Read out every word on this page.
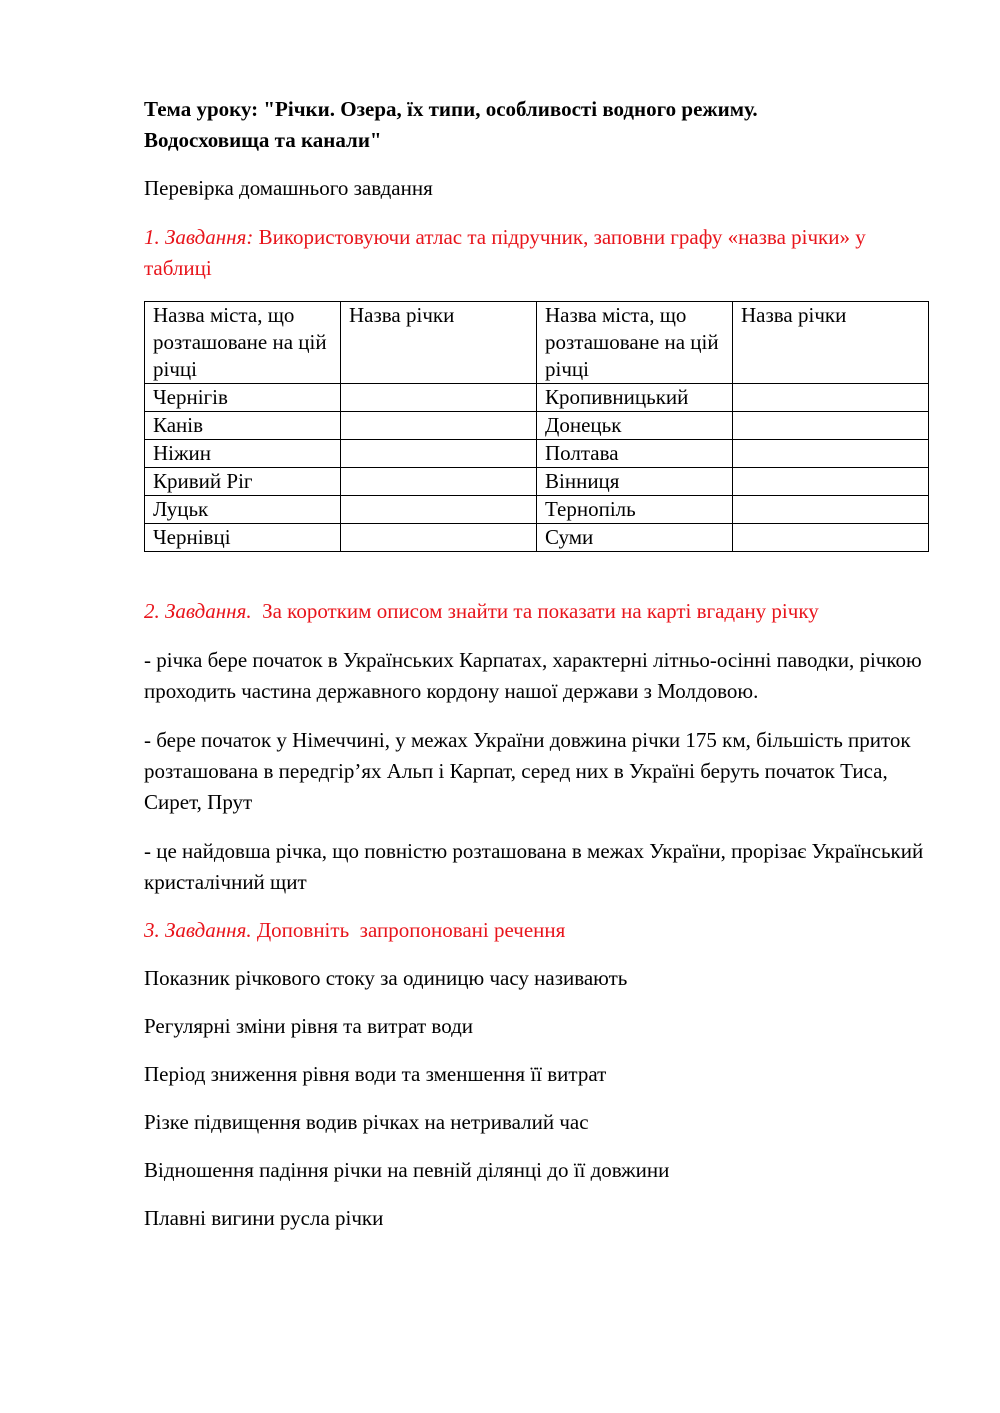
Тема уроку: "Річки. Озера, їх типи, особливості водного режиму.
Водосховища та канали"

Перевірка домашнього завдання

1. Завдання: Використовуючи атлас та підручник, заповни графу «назва річки» у таблиці

Назва міста, що розташоване на цій річці	Назва річки	Назва міста, що розташоване на цій річці	Назва річки
Чернігів		Кропивницький	
Канів		Донецьк	
Ніжин		Полтава	
Кривий Ріг		Вінниця	
Луцьк		Тернопіль	
Чернівці		Суми	

2. Завдання.  За коротким описом знайти та показати на карті вгадану річку

- річка бере початок в Українських Карпатах, характерні літньо-осінні паводки, річкою проходить частина державного кордону нашої держави з Молдовою.

- бере початок у Німеччині, у межах України довжина річки 175 км, більшість приток розташована в передгір’ях Альп і Карпат, серед них в Україні беруть початок Тиса, Сирет, Прут

- це найдовша річка, що повністю розташована в межах України, прорізає Український кристалічний щит

3. Завдання. Доповніть  запропоновані речення

Показник річкового стоку за одиницю часу називають

Регулярні зміни рівня та витрат води

Період зниження рівня води та зменшення її витрат

Різке підвищення водив річках на нетривалий час

Відношення падіння річки на певній ділянці до її довжини

Плавні вигини русла річки
